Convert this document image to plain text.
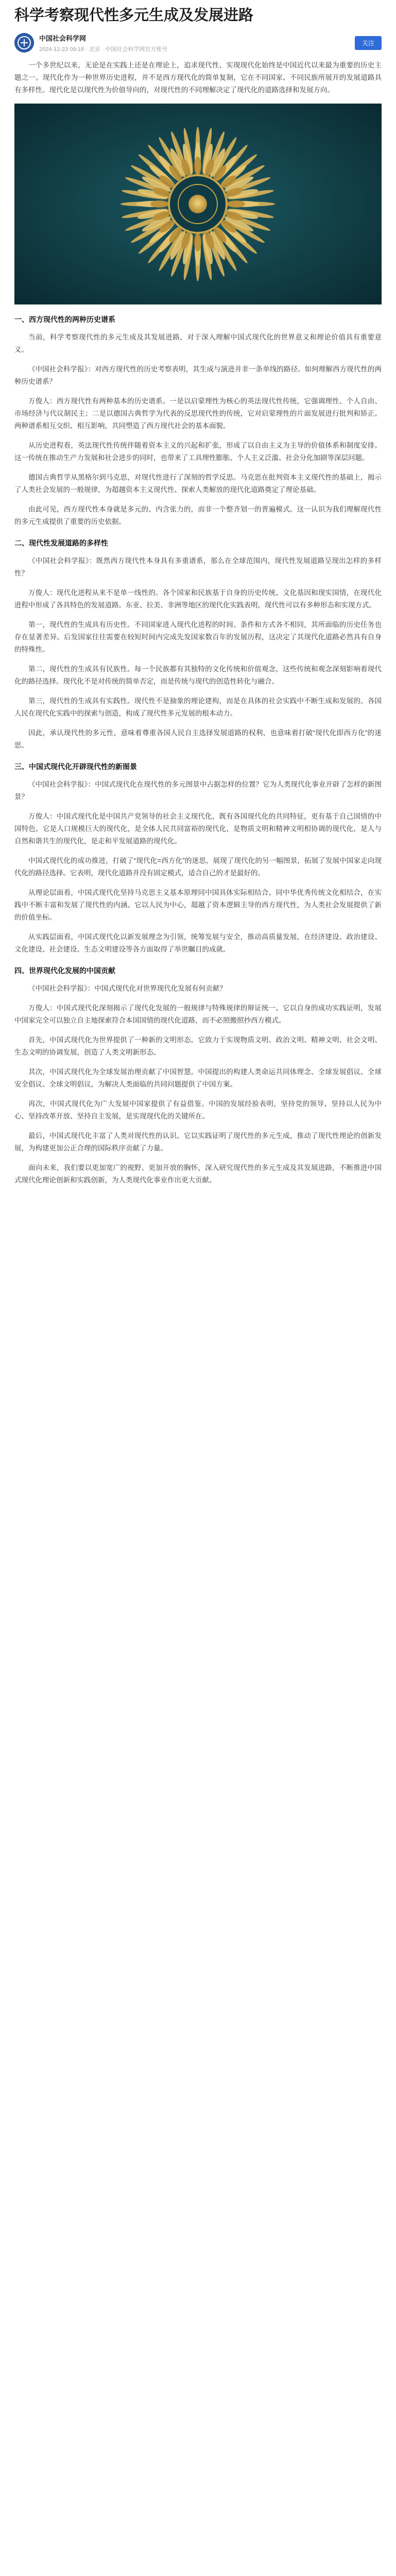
科学考察现代性多元生成及发展进路
中国社会科学网
2024-12-23 09:18 · 北京 · 中国社会科学网官方账号
关注

一个多世纪以来，无论是在实践上还是在理论上，追求现代性、实现现代化始终是中国近代以来最为重要的历史主题之一。现代化作为一种世界历史进程，并不是西方现代化的简单复制，它在不同国家、不同民族所展开的发展道路具有多样性。现代化是以现代性为价值导向的，对现代性的不同理解决定了现代化的道路选择和发展方向。

一、西方现代性的两种历史谱系

当前，科学考察现代性的多元生成及其发展进路，对于深入理解中国式现代化的世界意义和理论价值具有重要意义。

《中国社会科学报》：对西方现代性的历史考察表明，其生成与演进并非一条单线的路径。如何理解西方现代性的两种历史谱系？

万俊人：西方现代性有两种基本的历史谱系。一是以启蒙理性为核心的英法现代性传统，它强调理性、个人自由、市场经济与代议制民主；二是以德国古典哲学为代表的反思现代性的传统，它对启蒙理性的片面发展进行批判和矫正。两种谱系相互交织、相互影响，共同塑造了西方现代社会的基本面貌。

从历史进程看，英法现代性传统伴随着资本主义的兴起和扩张，形成了以自由主义为主导的价值体系和制度安排。这一传统在推动生产力发展和社会进步的同时，也带来了工具理性膨胀、个人主义泛滥、社会分化加剧等深层问题。

德国古典哲学从黑格尔到马克思，对现代性进行了深刻的哲学反思。马克思在批判资本主义现代性的基础上，揭示了人类社会发展的一般规律，为超越资本主义现代性、探索人类解放的现代化道路奠定了理论基础。

由此可见，西方现代性本身就是多元的、内含张力的，而非一个整齐划一的普遍模式。这一认识为我们理解现代性的多元生成提供了重要的历史依据。

二、现代性发展道路的多样性

《中国社会科学报》：既然西方现代性本身具有多重谱系，那么在全球范围内，现代性发展道路呈现出怎样的多样性？

万俊人：现代化进程从来不是单一线性的。各个国家和民族基于自身的历史传统、文化基因和现实国情，在现代化进程中形成了各具特色的发展道路。东亚、拉美、非洲等地区的现代化实践表明，现代性可以有多种形态和实现方式。

第一，现代性的生成具有历史性。不同国家进入现代化进程的时间、条件和方式各不相同，其所面临的历史任务也存在显著差异。后发国家往往需要在较短时间内完成先发国家数百年的发展历程，这决定了其现代化道路必然具有自身的特殊性。

第二，现代性的生成具有民族性。每一个民族都有其独特的文化传统和价值观念，这些传统和观念深刻影响着现代化的路径选择。现代化不是对传统的简单否定，而是传统与现代的创造性转化与融合。

第三，现代性的生成具有实践性。现代性不是抽象的理论建构，而是在具体的社会实践中不断生成和发展的。各国人民在现代化实践中的探索与创造，构成了现代性多元发展的根本动力。

因此，承认现代性的多元性，意味着尊重各国人民自主选择发展道路的权利，也意味着打破“现代化即西方化”的迷思。

三、中国式现代化开辟现代性的新图景

《中国社会科学报》：中国式现代化在现代性的多元图景中占据怎样的位置？它为人类现代化事业开辟了怎样的新图景？

万俊人：中国式现代化是中国共产党领导的社会主义现代化，既有各国现代化的共同特征，更有基于自己国情的中国特色。它是人口规模巨大的现代化，是全体人民共同富裕的现代化，是物质文明和精神文明相协调的现代化，是人与自然和谐共生的现代化，是走和平发展道路的现代化。

中国式现代化的成功推进，打破了“现代化=西方化”的迷思，展现了现代化的另一幅图景，拓展了发展中国家走向现代化的路径选择。它表明，现代化道路并没有固定模式，适合自己的才是最好的。

从理论层面看，中国式现代化坚持马克思主义基本原理同中国具体实际相结合、同中华优秀传统文化相结合，在实践中不断丰富和发展了现代性的内涵。它以人民为中心，超越了资本逻辑主导的西方现代性，为人类社会发展提供了新的价值坐标。

从实践层面看，中国式现代化以新发展理念为引领，统筹发展与安全，推动高质量发展，在经济建设、政治建设、文化建设、社会建设、生态文明建设等各方面取得了举世瞩目的成就。

四、世界现代化发展的中国贡献

《中国社会科学报》：中国式现代化对世界现代化发展有何贡献？

万俊人：中国式现代化深刻揭示了现代化发展的一般规律与特殊规律的辩证统一。它以自身的成功实践证明，发展中国家完全可以独立自主地探索符合本国国情的现代化道路，而不必照搬照抄西方模式。

首先，中国式现代化为世界提供了一种新的文明形态。它致力于实现物质文明、政治文明、精神文明、社会文明、生态文明的协调发展，创造了人类文明新形态。

其次，中国式现代化为全球发展治理贡献了中国智慧。中国提出的构建人类命运共同体理念、全球发展倡议、全球安全倡议、全球文明倡议，为解决人类面临的共同问题提供了中国方案。

再次，中国式现代化为广大发展中国家提供了有益借鉴。中国的发展经验表明，坚持党的领导、坚持以人民为中心、坚持改革开放、坚持自主发展，是实现现代化的关键所在。

最后，中国式现代化丰富了人类对现代性的认识。它以实践证明了现代性的多元生成，推动了现代性理论的创新发展，为构建更加公正合理的国际秩序贡献了力量。

面向未来，我们要以更加宽广的视野、更加开放的胸怀，深入研究现代性的多元生成及其发展进路，不断推进中国式现代化理论创新和实践创新，为人类现代化事业作出更大贡献。
